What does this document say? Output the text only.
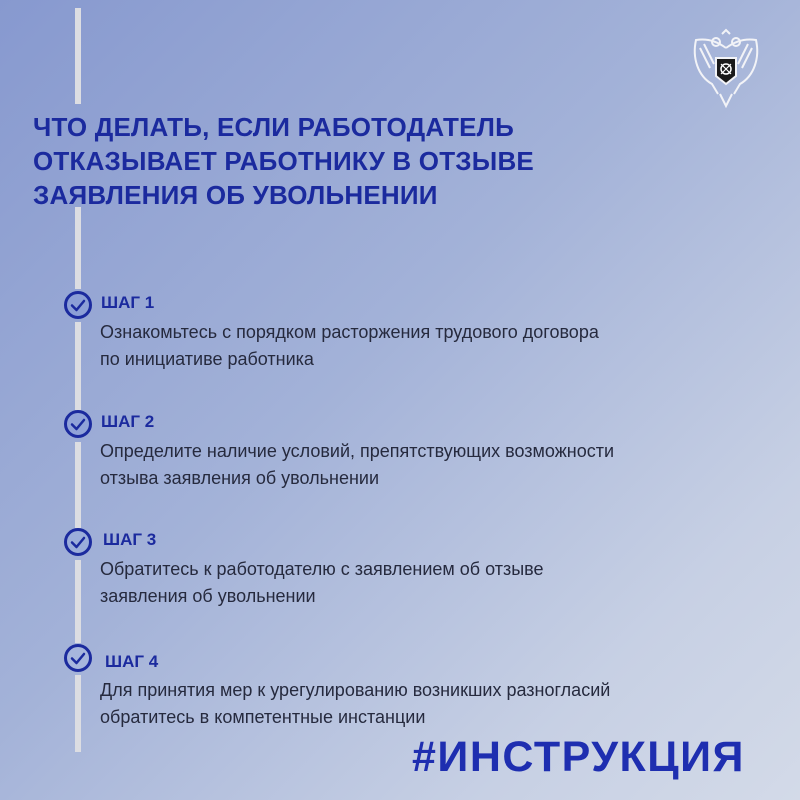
ЧТО ДЕЛАТЬ, ЕСЛИ РАБОТОДАТЕЛЬ
ОТКАЗЫВАЕТ РАБОТНИКУ В ОТЗЫВЕ
ЗАЯВЛЕНИЯ ОБ УВОЛЬНЕНИИ
ШАГ 1
Ознакомьтесь с порядком расторжения трудового договора
по инициативе работника
ШАГ 2
Определите наличие условий, препятствующих возможности
отзыва заявления об увольнении
ШАГ 3
Обратитесь к работодателю с заявлением об отзыве
заявления об увольнении
ШАГ 4
Для принятия мер к урегулированию возникших разногласий
обратитесь в компетентные инстанции
#ИНСТРУКЦИЯ
